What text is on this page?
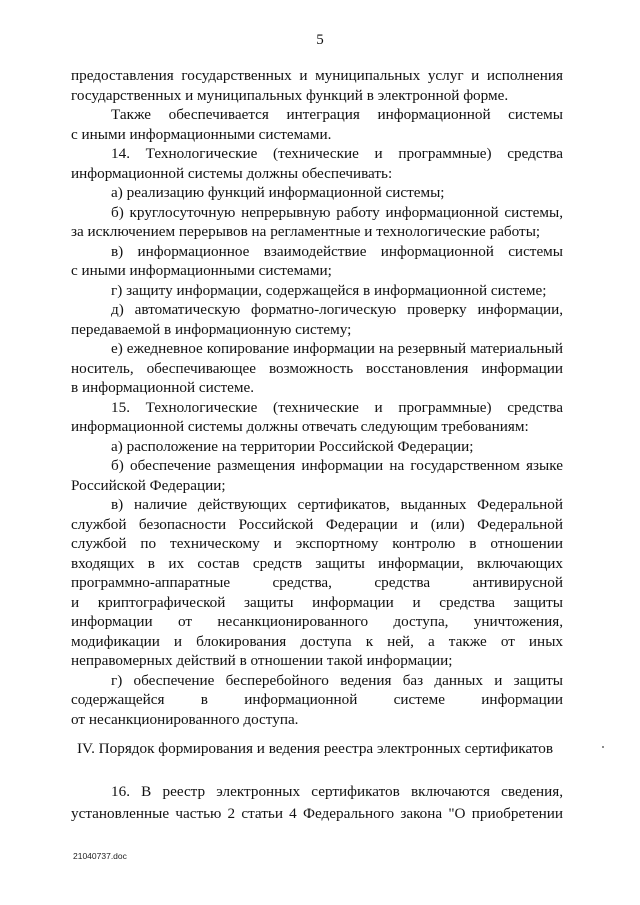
5

предоставления государственных и муниципальных услуг и исполнения
государственных и муниципальных функций в электронной форме.

Также обеспечивается интеграция информационной системы
с иными информационными системами.

14. Технологические (технические и программные) средства
информационной системы должны обеспечивать:

а) реализацию функций информационной системы;

б) круглосуточную непрерывную работу информационной системы,
за исключением перерывов на регламентные и технологические работы;

в) информационное взаимодействие информационной системы
с иными информационными системами;

г) защиту информации, содержащейся в информационной системе;

д) автоматическую форматно-логическую проверку информации,
передаваемой в информационную систему;

е) ежедневное копирование информации на резервный материальный
носитель, обеспечивающее возможность восстановления информации
в информационной системе.

15. Технологические (технические и программные) средства
информационной системы должны отвечать следующим требованиям:

а) расположение на территории Российской Федерации;

б) обеспечение размещения информации на государственном языке
Российской Федерации;

в) наличие действующих сертификатов, выданных Федеральной
службой безопасности Российской Федерации и (или) Федеральной
службой по техническому и экспортному контролю в отношении
входящих в их состав средств защиты информации, включающих
программно-аппаратные средства, средства антивирусной
и криптографической защиты информации и средства защиты
информации от несанкционированного доступа, уничтожения,
модификации и блокирования доступа к ней, а также от иных
неправомерных действий в отношении такой информации;

г) обеспечение бесперебойного ведения баз данных и защиты
содержащейся в информационной системе информации
от несанкционированного доступа.

IV. Порядок формирования и ведения реестра электронных сертификатов
16. В реестр электронных сертификатов включаются сведения,
установленные частью 2 статьи 4 Федерального закона "О приобретении
21040737.doc
